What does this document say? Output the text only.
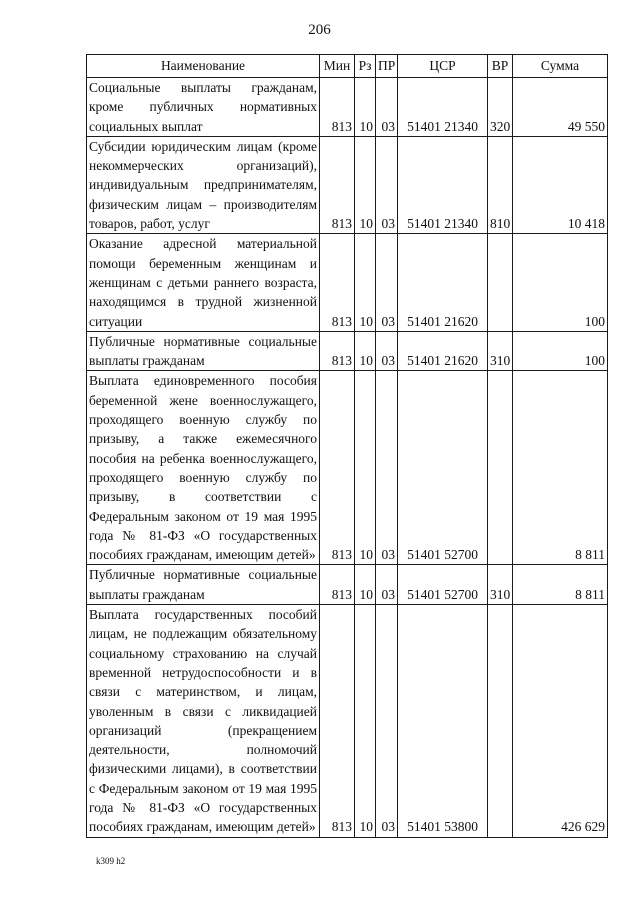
206
Наименование	Мин	Рз	ПР	ЦСР	ВР	Сумма
Социальные выплаты гражданам, кроме публичных нормативных социальных выплат	813	10	03	51401 21340	320	49 550
Субсидии юридическим лицам (кроме некоммерческих организаций), индивидуальным предпринимателям, физическим лицам – производителям товаров, работ, услуг	813	10	03	51401 21340	810	10 418
Оказание адресной материальной помощи беременным женщинам и женщинам с детьми раннего возраста, находящимся в трудной жизненной ситуации	813	10	03	51401 21620		100
Публичные нормативные социальные выплаты гражданам	813	10	03	51401 21620	310	100
Выплата единовременного пособия беременной жене военнослужащего, проходящего военную службу по призыву, а также ежемесячного пособия на ребенка военнослужащего, проходящего военную службу по призыву, в соответствии с Федеральным законом от 19 мая 1995 года № 81-ФЗ «О государственных пособиях гражданам, имеющим детей»	813	10	03	51401 52700		8 811
Публичные нормативные социальные выплаты гражданам	813	10	03	51401 52700	310	8 811
Выплата государственных пособий лицам, не подлежащим обязательному социальному страхованию на случай временной нетрудоспособности и в связи с материнством, и лицам, уволенным в связи с ликвидацией организаций (прекращением деятельности, полномочий физическими лицами), в соответствии с Федеральным законом от 19 мая 1995 года № 81-ФЗ «О государственных пособиях гражданам, имеющим детей»	813	10	03	51401 53800		426 629
k309 h2
